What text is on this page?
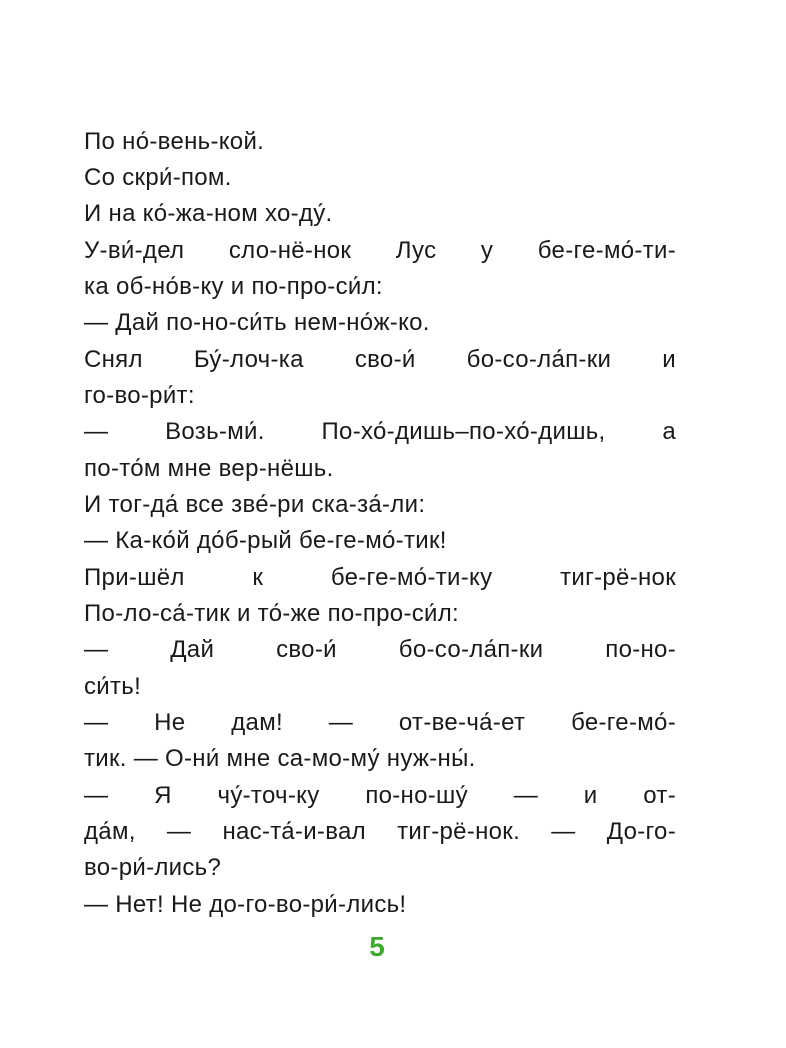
По но́-вень-кой.
Со скри́-пом.
И на ко́-жа-ном хо-ду́.
У-ви́-дел сло-нё-нок Лус у бе-ге-мо́-ти-
ка об-но́в-ку и по-про-си́л:
— Дай по-но-си́ть нем-но́ж-ко.
Снял Бу́-лоч-ка сво-и́ бо-со-ла́п-ки и
го-во-ри́т:
— Возь-ми́. По-хо́-дишь–по-хо́-дишь, а
по-то́м мне вер-нёшь.
И тог-да́ все зве́-ри ска-за́-ли:
— Ка-ко́й до́б-рый бе-ге-мо́-тик!
При-шёл к бе-ге-мо́-ти-ку тиг-рё-нок
По-ло-са́-тик и то́-же по-про-си́л:
— Дай сво-и́ бо-со-ла́п-ки по-но-
си́ть!
— Не дам! — от-ве-ча́-ет бе-ге-мо́-
тик. — О-ни́ мне са-мо-му́ нуж-ны́.
— Я чу́-точ-ку по-но-шу́ — и от-
да́м, — нас-та́-и-вал тиг-рё-нок. — До-го-
во-ри́-лись?
— Нет! Не до-го-во-ри́-лись!
5
